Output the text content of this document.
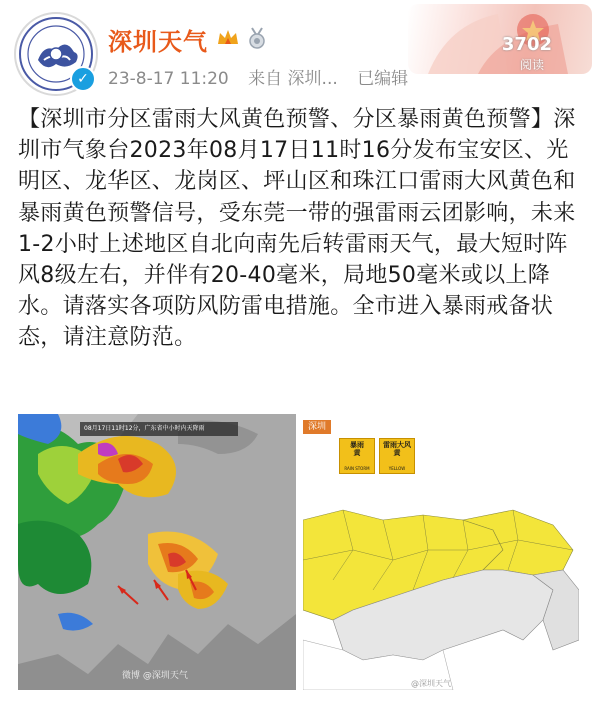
✓
深圳天气
23-8-17 11:20 来自 深圳... 已编辑
3702
阅读
【深圳市分区雷雨大风黄色预警、分区暴雨黄色预警】深圳市气象台2023年08月17日11时16分发布宝安区、光明区、龙华区、龙岗区、坪山区和珠江口雷雨大风黄色和暴雨黄色预警信号，受东莞一带的强雷雨云团影响，未来1-2小时上述地区自北向南先后转雷雨天气，最大短时阵风8级左右，并伴有20-40毫米，局地50毫米或以上降水。请落实各项防风防雷电措施。全市进入暴雨戒备状态，请注意防范。
08月17日11时12分，广东省中小时内天降雨
微博 @深圳天气
深圳
暴雨
黄
RAIN STORM
雷雨大风
黄
YELLOW
@深圳天气
